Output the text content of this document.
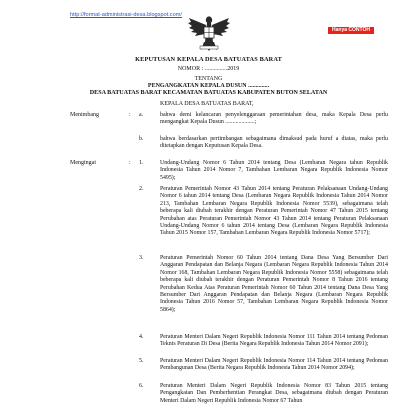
http://format-administrasi-desa.blogspot.com/
Hanya CONTOH
KEPUTUSAN KEPALA DESA BATUATAS BARAT
NOMOR : ...............2019
TENTANG
PENGANGKATAN KEPALA DUSUN ..............
DESA BATUATAS BARAT KECAMATAN BATUATAS KABUPATEN BUTON SELATAN
KEPALA DESA BATUATAS BARAT,
Menimbang	: a.	bahwa demi kelancaran penyelenggaraan pemerintahan desa, maka Kepala Desa perlu mengangkat Kepala Dusun ....................;
b.	bahwa berdasarkan pertimbangan sebagaimana dimaksud pada huruf a diatas, maka perlu ditetapkan dengan Keputusan Kepala Desa.
Mengingat	: 1.	Undang-Undang Nomor 6 Tahun 2014 tentang Desa (Lembaran Negara tahun Republik Indonesia Tahun 2014 Nomor 7, Tambahan Lembaran Negara Republik Indonesia Nomor 5495);
2.	Peraturan Pemerintah Nomor 43 Tahun 2014 tentang Peraturan Pelaksanaan Undang-Undang Nomor 6 tahun 2014 tentang Desa (Lembaran Negara Republik Indonesia Tahun 2014 Nomor 213, Tambahan Lembaran Negara Republik Indonesia Nomor 5539), sebagaimana telah beberapa kali diubah terakhir dengan Peraturan Pemerintah Nomor 47 Tahun 2015 tentang Perubahan atas Peraturan Pemerintah Nomor 43 Tahun 2014 tentang Peraturan Pelaksanaan Undang-Undang Nomor 6 tahun 2014 tentang Desa (Lembaran Negara Republik Indonesia Tahun 2015 Nomor 157, Tambahan Lembaran Negara Republik Indonesia Nomor 5717);
3.	Peraturan Pemerintah Nomor 60 Tahun 2014 tentang Dana Desa Yang Bersumber Dari Anggaran Pendapatan dan Belanja Negara (Lembaran Negara Republik Indonesia Tahun 2014 Nomor 168, Tambahan Lembaran Negara Republik Indonesia Nomor 5558) sebagaimana telah beberapa kali diubah terakhir dengan Peraturan Pemerintah Nomor 8 Tahun 2016 tentang Perubahan Kedua Atas Peraturan Pemerintah Nomor 60 Tahun 2014 tentang Dana Desa Yang Bersumber Dari Anggaran Pendapatan dan Belanja Negara (Lembaran Negara Republik Indonesia Tahun 2016 Nomor 57, Tambahan Lembaran Negara Republik Indonesia Nomor 5864);
4.	Peraturan Menteri Dalam Negeri Republik Indonesia Nomor 111 Tahun 2014 tentang Pedoman Teknis Peraturan Di Desa (Berita Negara Republik Indonesia Tahun 2014 Nomor 2091);
5.	Peraturan Menteri Dalam Negeri Republik Indonesia Nomor 114 Tahun 2014 tentang Pedoman Pembangunan Desa (Berita Negara Republik Indonesia Tahun 2014 Nomor 2094);
6.	Peraturan Menteri Dalam Negeri Republik Indonesia Nomor 83 Tahun 2015 tentang Pengangkatan Dan Pemberhentian Perangkat Desa, sebagaimana diubah dengan Peraturan Menteri Dalam Negeri Republik Indonesia Nomor 67 Tahun
